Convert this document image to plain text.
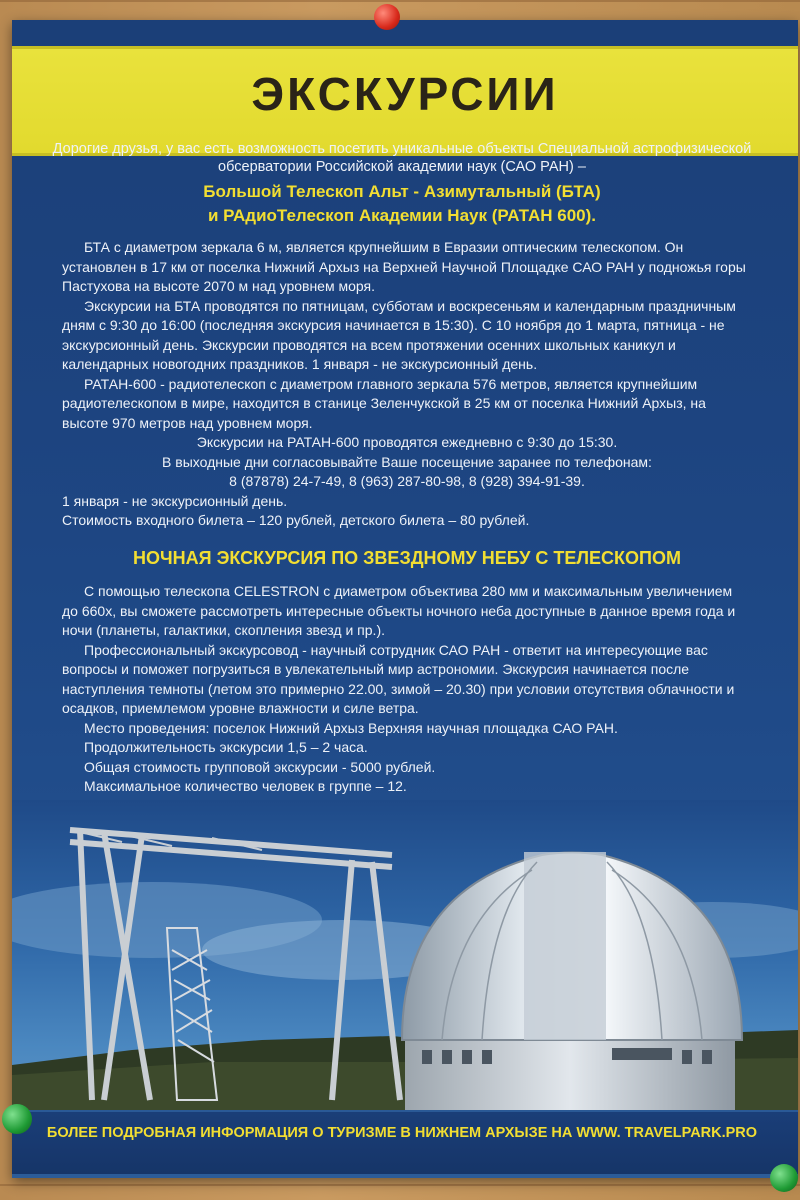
ЭКСКУРСИИ
Дорогие друзья, у вас есть возможность посетить уникальные объекты Специальной астрофизической обсерватории Российской академии наук (САО РАН) –
Большой Телескоп Альт - Азимутальный (БТА)
и РАдиоТелескоп Академии Наук (РАТАН 600).

БТА с диаметром зеркала 6 м, является крупнейшим в Евразии оптическим телескопом. Он установлен в 17 км от поселка Нижний Архыз на Верхней Научной Площадке САО РАН у подножья горы Пастухова на высоте 2070 м над уровнем моря.

Экскурсии на БТА проводятся по пятницам, субботам и воскресеньям и календарным праздничным дням с 9:30 до 16:00 (последняя экскурсия начинается в 15:30). С 10 ноября до 1 марта, пятница - не экскурсионный день. Экскурсии проводятся на всем протяжении осенних школьных каникул и календарных новогодних праздников. 1 января - не экскурсионный день.

РАТАН-600 - радиотелескоп с диаметром главного зеркала 576 метров, является крупнейшим радиотелескопом в мире, находится в станице Зеленчукской в 25 км от поселка Нижний Архыз, на высоте 970 метров над уровнем моря.

Экскурсии на РАТАН-600 проводятся ежедневно с 9:30 до 15:30.

В выходные дни согласовывайте Ваше посещение заранее по телефонам:

8 (87878) 24-7-49, 8 (963) 287-80-98, 8 (928) 394-91-39.

1 января - не экскурсионный день.

Стоимость входного билета – 120 рублей, детского билета – 80 рублей.

НОЧНАЯ ЭКСКУРСИЯ ПО ЗВЕЗДНОМУ НЕБУ С ТЕЛЕСКОПОМ

С помощью телескопа CELESTRON с диаметром объектива 280 мм и максимальным увеличением до 660х, вы сможете рассмотреть интересные объекты ночного неба доступные в данное время года и ночи (планеты, галактики, скопления звезд и пр.).

Профессиональный экскурсовод - научный сотрудник САО РАН - ответит на интересующие вас вопросы и поможет погрузиться в увлекательный мир астрономии. Экскурсия начинается после наступления темноты (летом это примерно 22.00, зимой – 20.30) при условии отсутствия облачности и осадков, приемлемом уровне влажности и силе ветра.

Место проведения: поселок Нижний Архыз Верхняя научная площадка САО РАН.

Продолжительность экскурсии 1,5 – 2 часа.

Общая стоимость групповой экскурсии - 5000 рублей.

Максимальное количество человек в группе – 12.

БОЛЕЕ ПОДРОБНАЯ ИНФОРМАЦИЯ О ТУРИЗМЕ В НИЖНЕМ АРХЫЗЕ НА WWW. TRAVELPARK.PRO
